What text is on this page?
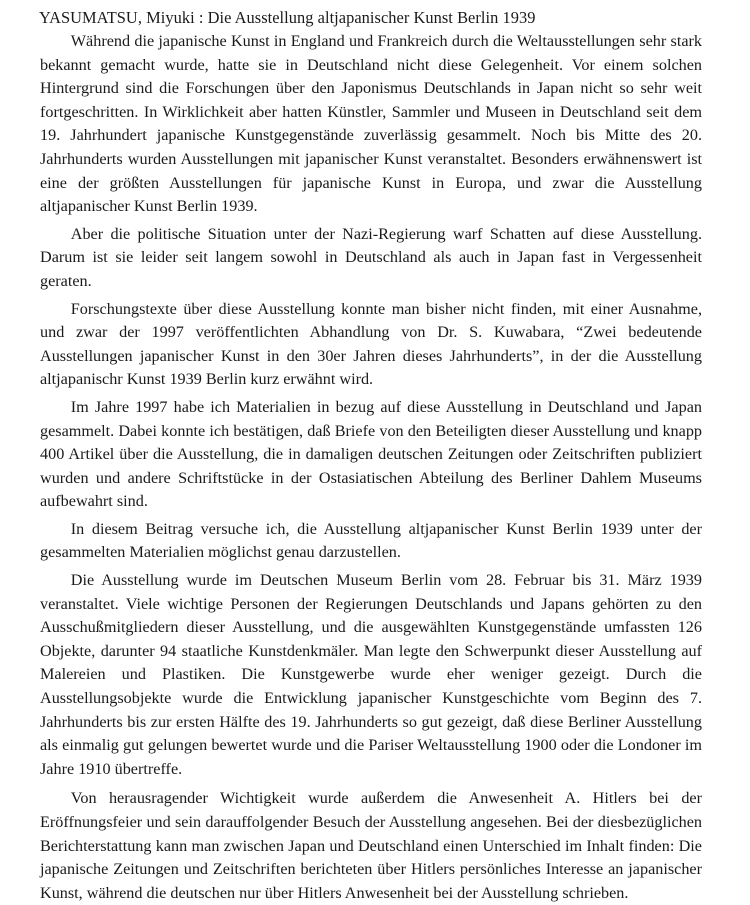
YASUMATSU, Miyuki : Die Ausstellung altjapanischer Kunst Berlin 1939

Während die japanische Kunst in England und Frankreich durch die Weltausstellungen sehr stark bekannt gemacht wurde, hatte sie in Deutschland nicht diese Gelegenheit. Vor einem solchen Hintergrund sind die Forschungen über den Japonismus Deutschlands in Japan nicht so sehr weit fortgeschritten. In Wirklichkeit aber hatten Künstler, Sammler und Museen in Deutschland seit dem 19. Jahrhundert japanische Kunstgegenstände zuverlässig gesammelt. Noch bis Mitte des 20. Jahrhunderts wurden Ausstellungen mit japanischer Kunst veranstaltet. Besonders erwähnenswert ist eine der größten Ausstellungen für japanische Kunst in Europa, und zwar die Ausstellung altjapanischer Kunst Berlin 1939.

Aber die politische Situation unter der Nazi-Regierung warf Schatten auf diese Ausstellung. Darum ist sie leider seit langem sowohl in Deutschland als auch in Japan fast in Vergessenheit geraten.

Forschungstexte über diese Ausstellung konnte man bisher nicht finden, mit einer Ausnahme, und zwar der 1997 veröffentlichten Abhandlung von Dr. S. Kuwabara, “Zwei bedeutende Ausstellungen japanischer Kunst in den 30er Jahren dieses Jahrhunderts”, in der die Ausstellung altjapanischr Kunst 1939 Berlin kurz erwähnt wird.

Im Jahre 1997 habe ich Materialien in bezug auf diese Ausstellung in Deutschland und Japan gesammelt. Dabei konnte ich bestätigen, daß Briefe von den Beteiligten dieser Ausstellung und knapp 400 Artikel über die Ausstellung, die in damaligen deutschen Zeitungen oder Zeitschriften publiziert wurden und andere Schriftstücke in der Ostasiatischen Abteilung des Berliner Dahlem Museums aufbewahrt sind.

In diesem Beitrag versuche ich, die Ausstellung altjapanischer Kunst Berlin 1939 unter der gesammelten Materialien möglichst genau darzustellen.

Die Ausstellung wurde im Deutschen Museum Berlin vom 28. Februar bis 31. März 1939 veranstaltet. Viele wichtige Personen der Regierungen Deutschlands und Japans gehörten zu den Ausschußmitgliedern dieser Ausstellung, und die ausgewählten Kunstgegenstände umfassten 126 Objekte, darunter 94 staatliche Kunstdenkmäler. Man legte den Schwerpunkt dieser Ausstellung auf Malereien und Plastiken. Die Kunstgewerbe wurde eher weniger gezeigt. Durch die Ausstellungsobjekte wurde die Entwicklung japanischer Kunstgeschichte vom Beginn des 7. Jahrhunderts bis zur ersten Hälfte des 19. Jahrhunderts so gut gezeigt, daß diese Berliner Ausstellung als einmalig gut gelungen bewertet wurde und die Pariser Weltausstellung 1900 oder die Londoner im Jahre 1910 übertreffe.

Von herausragender Wichtigkeit wurde außerdem die Anwesenheit A. Hitlers bei der Eröffnungsfeier und sein darauffolgender Besuch der Ausstellung angesehen. Bei der diesbezüglichen Berichterstattung kann man zwischen Japan und Deutschland einen Unterschied im Inhalt finden: Die japanische Zeitungen und Zeitschriften berichteten über Hitlers persönliches Interesse an japanischer Kunst, während die deutschen nur über Hitlers Anwesenheit bei der Ausstellung schrieben.
